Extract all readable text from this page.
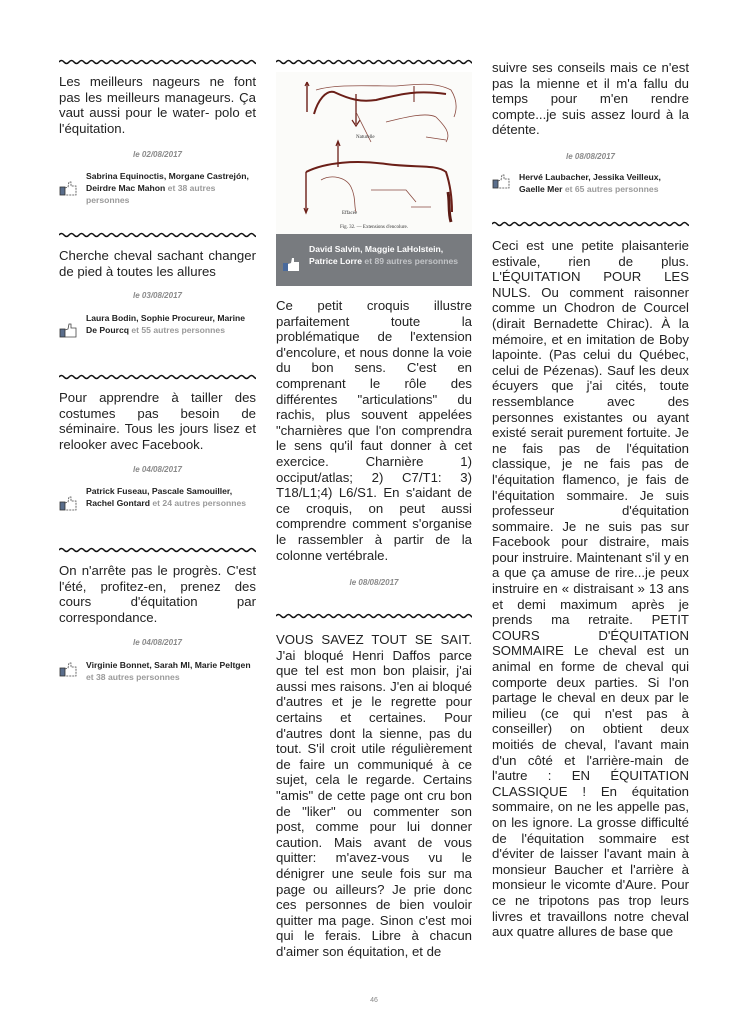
Les meilleurs nageurs ne font pas les meilleurs manageurs. Ça vaut aussi pour le water- polo et l'équitation.
le 02/08/2017
Sabrina Equinoctis, Morgane Castrejón, Deirdre Mac Mahon et 38 autres personnes
Cherche cheval sachant changer de pied à toutes les allures
le 03/08/2017
Laura Bodin, Sophie Procureur, Marine De Pourcq et 55 autres personnes
Pour apprendre à tailler des costumes pas besoin de séminaire. Tous les jours lisez et relooker avec Facebook.
le 04/08/2017
Patrick Fuseau, Pascale Samouiller, Rachel Gontard et 24 autres personnes
On n'arrête pas le progrès. C'est l'été, profitez-en, prenez des cours d'équitation par correspondance.
le 04/08/2017
Virginie Bonnet, Sarah Ml, Marie Peltgen et 38 autres personnes
Naturelle
Effacée
Fig. 32. — Extensions d'encolure.
David Salvin, Maggie LaHolstein, Patrice Lorre et 89 autres personnes
Ce petit croquis illustre parfaitement toute la problématique de l'extension d'encolure, et nous donne la voie du bon sens. C'est en comprenant le rôle des différentes "articulations" du rachis, plus souvent appelées "charnières que l'on comprendra le sens qu'il faut donner à cet exercice. Charnière 1) occiput/atlas; 2) C7/T1: 3) T18/L1;4) L6/S1. En s'aidant de ce croquis, on peut aussi comprendre comment s'organise le rassembler à partir de la colonne vertébrale.
le 08/08/2017
VOUS SAVEZ TOUT SE SAIT. J'ai bloqué Henri Daffos parce que tel est mon bon plaisir, j'ai aussi mes raisons. J'en ai bloqué d'autres et je le regrette pour certains et certaines. Pour d'autres dont la sienne, pas du tout. S'il croit utile régulièrement de faire un communiqué à ce sujet, cela le regarde. Certains "amis" de cette page ont cru bon de "liker" ou commenter son post, comme pour lui donner caution. Mais avant de vous quitter: m'avez-vous vu le dénigrer une seule fois sur ma page ou ailleurs? Je prie donc ces personnes de bien vouloir quitter ma page. Sinon c'est moi qui le ferais. Libre à chacun d'aimer son équitation, et de
suivre ses conseils mais ce n'est pas la mienne et il m'a fallu du temps pour m'en rendre compte...je suis assez lourd à la détente.
le 08/08/2017
Hervé Laubacher, Jessika Veilleux, Gaelle Mer et 65 autres personnes
Ceci est une petite plaisanterie estivale, rien de plus. L'ÉQUITATION POUR LES NULS. Ou comment raisonner comme un Chodron de Courcel (dirait Bernadette Chirac). À la mémoire, et en imitation de Boby lapointe. (Pas celui du Québec, celui de Pézenas). Sauf les deux écuyers que j'ai cités, toute ressemblance avec des personnes existantes ou ayant existé serait purement fortuite. Je ne fais pas de l'équitation classique, je ne fais pas de l'équitation flamenco, je fais de l'équitation sommaire. Je suis professeur d'équitation sommaire. Je ne suis pas sur Facebook pour distraire, mais pour instruire. Maintenant s'il y en a que ça amuse de rire...je peux instruire en « distraisant » 13 ans et demi maximum après je prends ma retraite. PETIT COURS D'ÉQUITATION SOMMAIRE Le cheval est un animal en forme de cheval qui comporte deux parties. Si l'on partage le cheval en deux par le milieu (ce qui n'est pas à conseiller) on obtient deux moitiés de cheval, l'avant main d'un côté et l'arrière-main de l'autre : EN ÉQUITATION CLASSIQUE ! En équitation sommaire, on ne les appelle pas, on les ignore. La grosse difficulté de l'équitation sommaire est d'éviter de laisser l'avant main à monsieur Baucher et l'arrière à monsieur le vicomte d'Aure. Pour ce ne tripotons pas trop leurs livres et travaillons notre cheval aux quatre allures de base que
46
